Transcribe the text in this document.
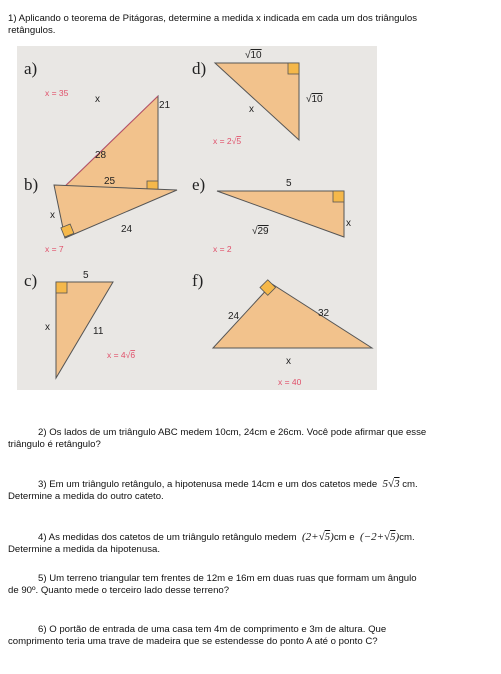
1) Aplicando o teorema de Pitágoras, determine a medida x indicada em cada um dos triângulos
retângulos.
a)
x
21
28
x = 35
d)
√10
√10
x
x = 2√5
b)	25
x
24
x = 7
e)	5
x
√29
x = 2
c)	5
x	11
x = 4√6
f)
24	32
x
x = 40
2) Os lados de um triângulo ABC medem 10cm, 24cm e 26cm. Você pode afirmar que esse
triângulo é retângulo?
3) Em um triângulo retângulo, a hipotenusa mede 14cm e um dos catetos mede 5√3 cm.
Determine a medida do outro cateto.
4) As medidas dos catetos de um triângulo retângulo medem (2+√5)cm e (−2+√5)cm.
Determine a medida da hipotenusa.
5) Um terreno triangular tem frentes de 12m e 16m em duas ruas que formam um ângulo
de 90º. Quanto mede o terceiro lado desse terreno?
6) O portão de entrada de uma casa tem 4m de comprimento e 3m de altura. Que
comprimento teria uma trave de madeira que se estendesse do ponto A até o ponto C?
